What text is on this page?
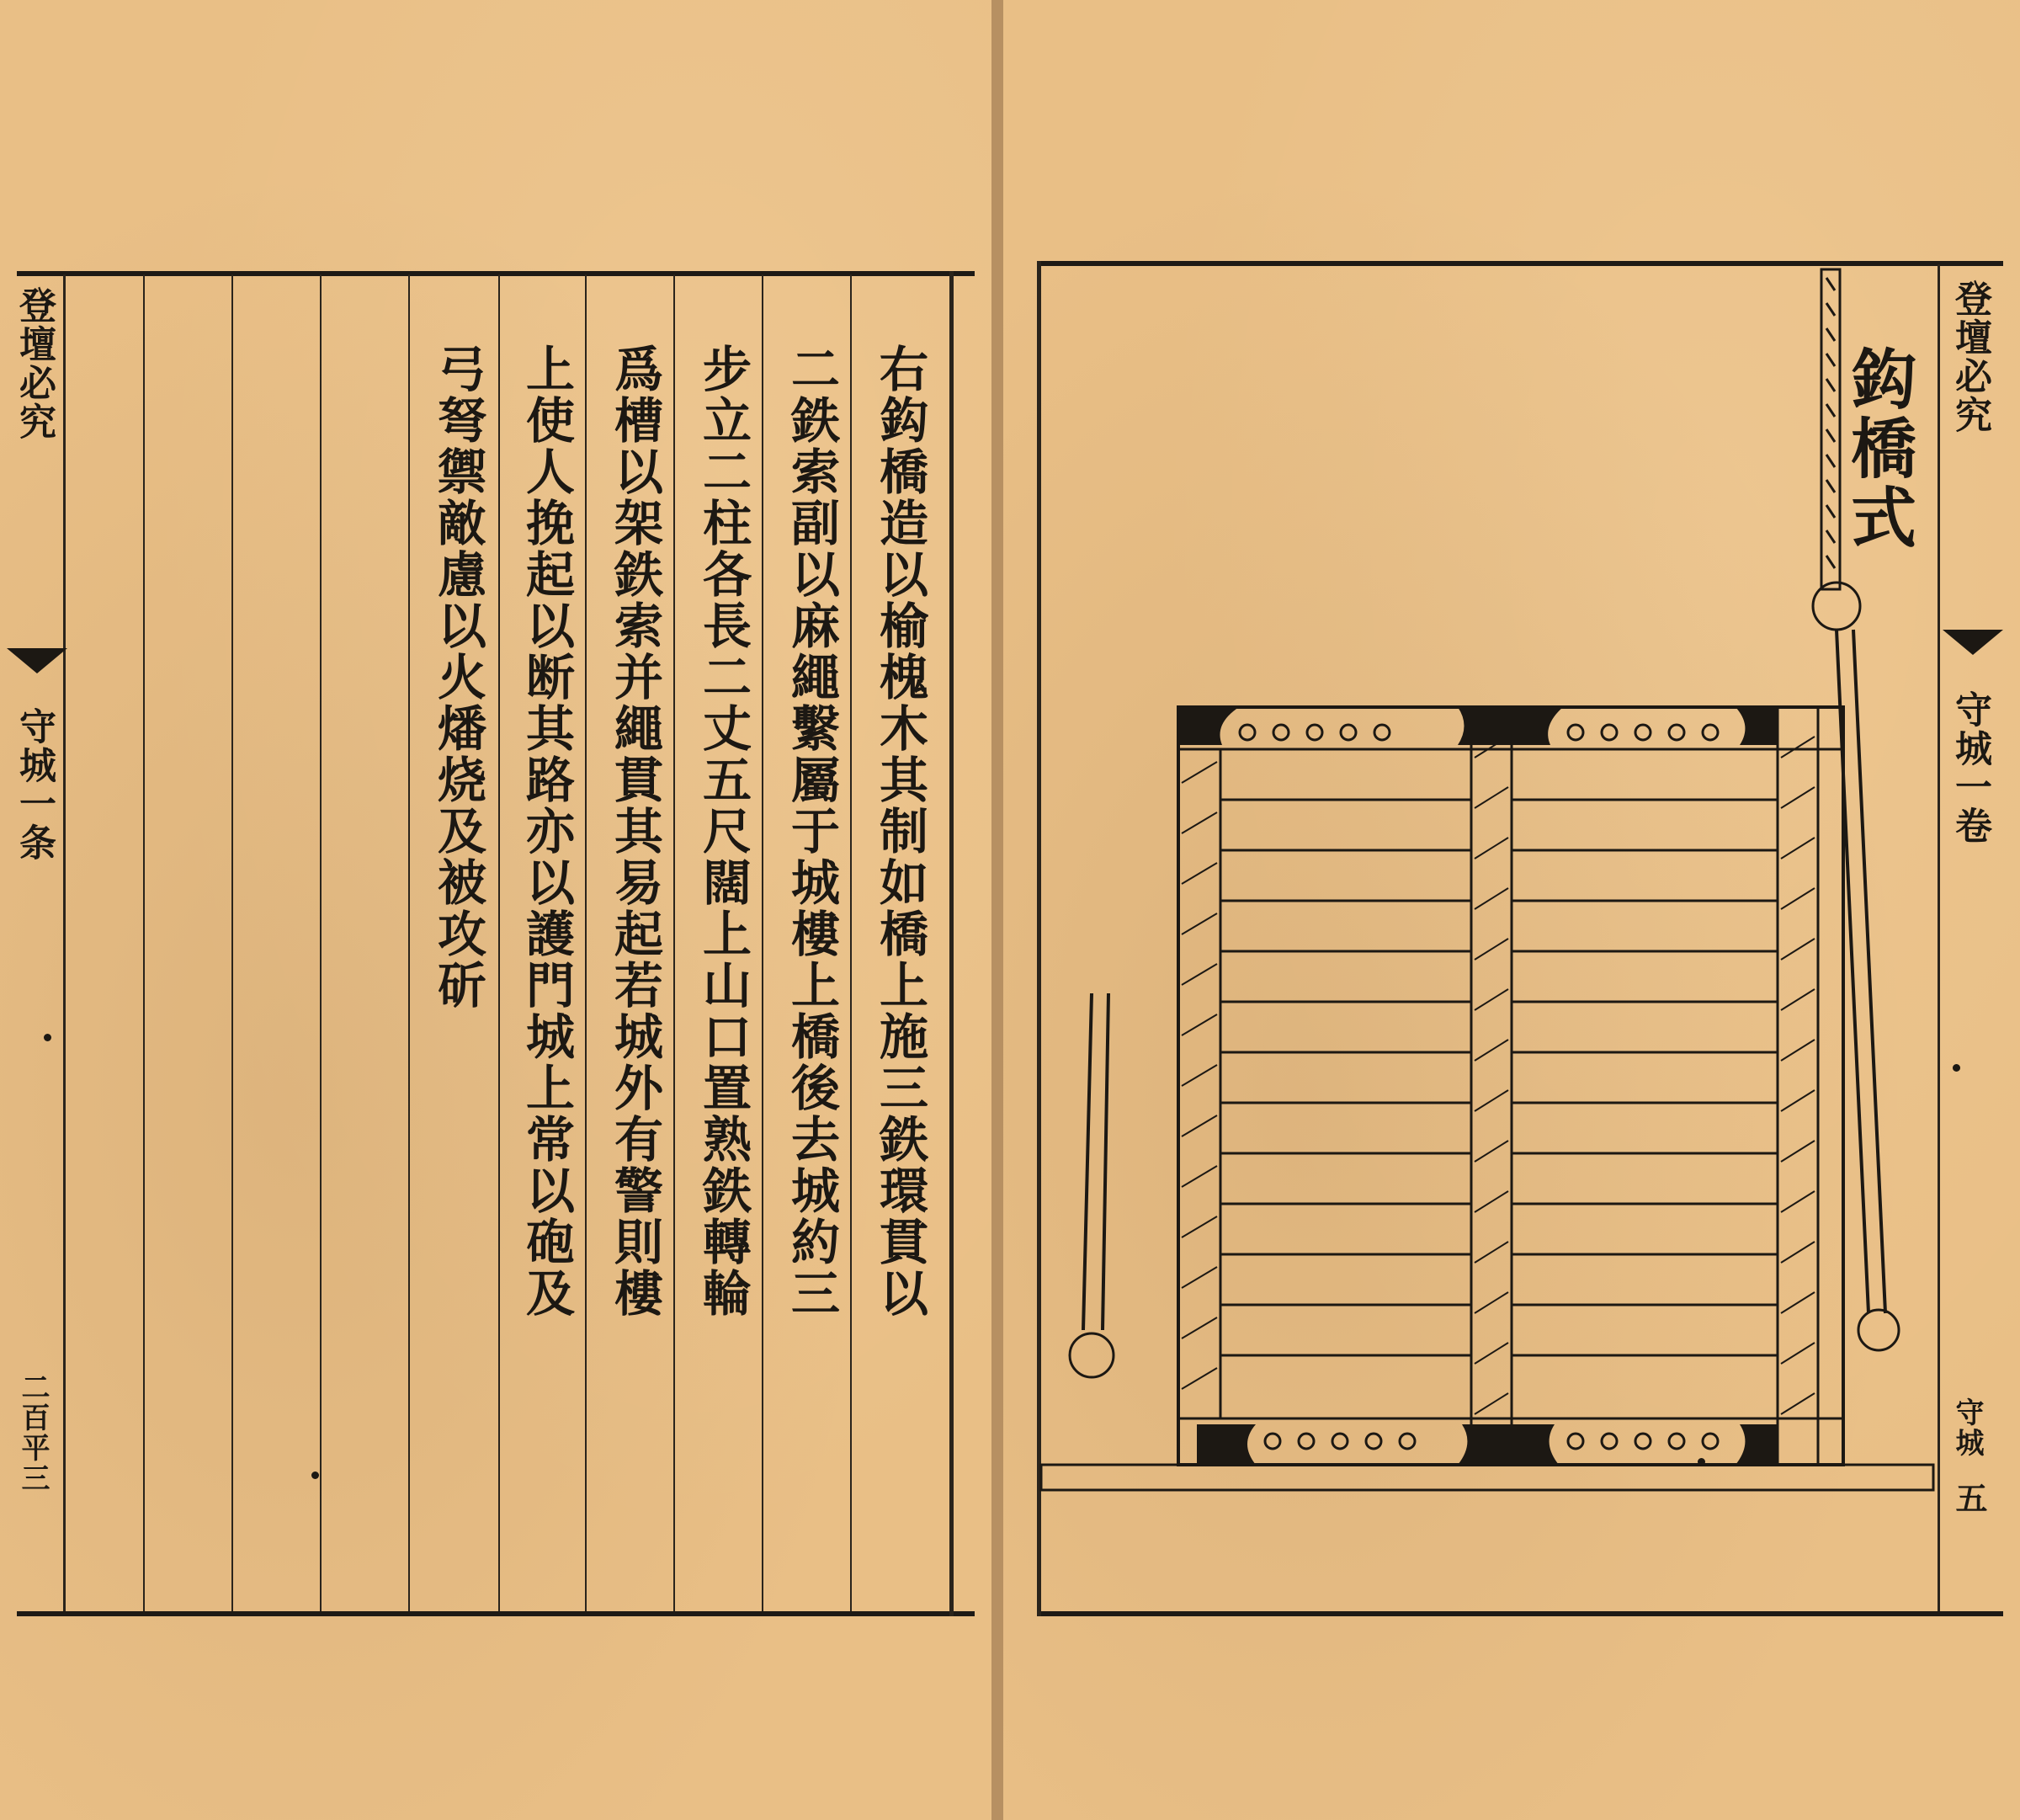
右鈎橋造以榆槐木其制如橋上施三鉄環貫以
二鉄索副以麻繩繫屬于城樓上橋後去城約三
步立二柱各長二丈五尺闊上山口置熟鉄轉輪
爲槽以架鉄索并繩貫其易起若城外有警則樓
上使人挽起以断其路亦以護門城上常以砲及
弓弩禦敵慮以火燔烧及被攻斫
登壇必究
守城一条
二百平三
鈎橋式 登壇必究
守城一卷
守城
五
